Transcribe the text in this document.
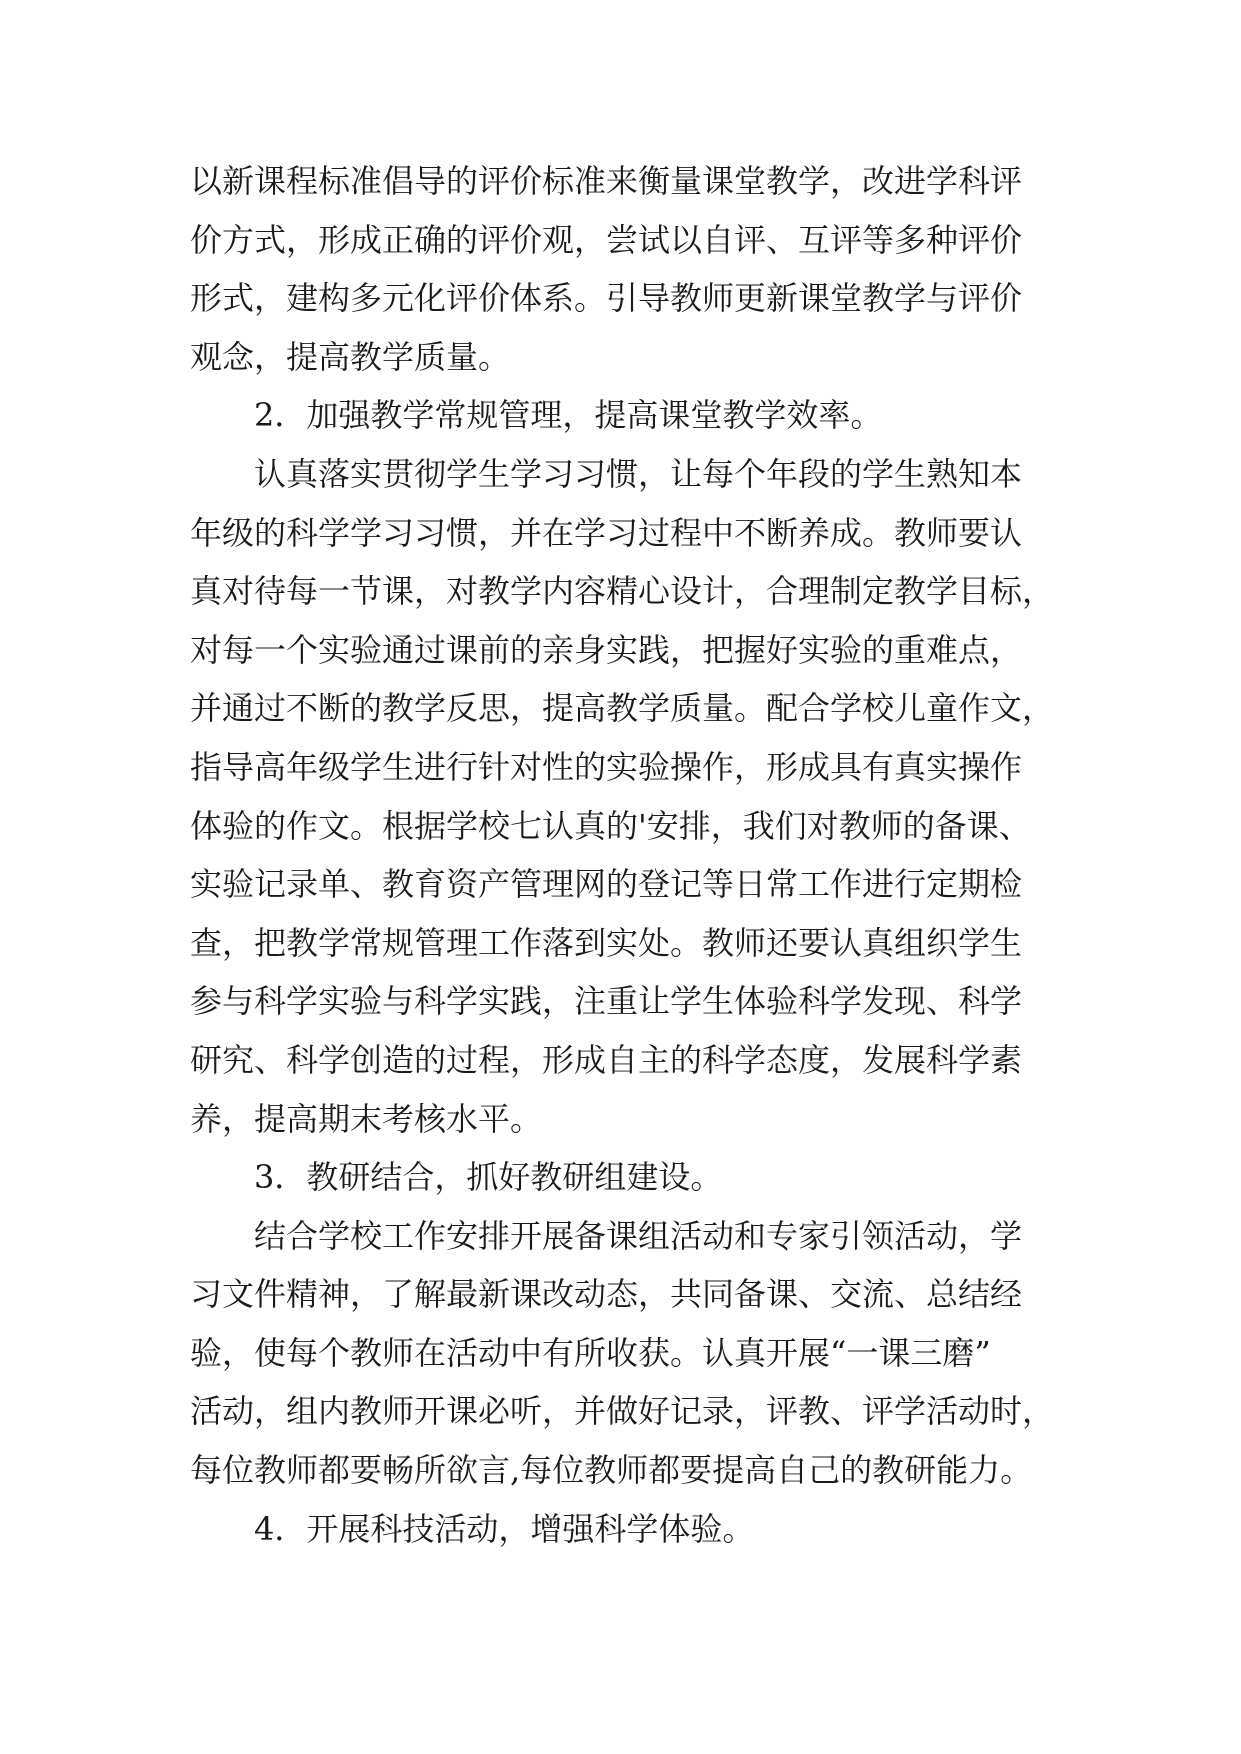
以新课程标准倡导的评价标准来衡量课堂教学，改进学科评
价方式，形成正确的评价观，尝试以自评、互评等多种评价
形式，建构多元化评价体系。引导教师更新课堂教学与评价
观念，提高教学质量。
2．加强教学常规管理，提高课堂教学效率。
认真落实贯彻学生学习习惯，让每个年段的学生熟知本
年级的科学学习习惯，并在学习过程中不断养成。教师要认
真对待每一节课，对教学内容精心设计，合理制定教学目标，
对每一个实验通过课前的亲身实践，把握好实验的重难点，
并通过不断的教学反思，提高教学质量。配合学校儿童作文，
指导高年级学生进行针对性的实验操作，形成具有真实操作
体验的作文。根据学校七认真的'安排，我们对教师的备课、
实验记录单、教育资产管理网的登记等日常工作进行定期检
查，把教学常规管理工作落到实处。教师还要认真组织学生
参与科学实验与科学实践，注重让学生体验科学发现、科学
研究、科学创造的过程，形成自主的科学态度，发展科学素
养，提高期末考核水平。
3．教研结合，抓好教研组建设。
结合学校工作安排开展备课组活动和专家引领活动，学
习文件精神，了解最新课改动态，共同备课、交流、总结经
验，使每个教师在活动中有所收获。认真开展“一课三磨”
活动，组内教师开课必听，并做好记录，评教、评学活动时，
每位教师都要畅所欲言,每位教师都要提高自己的教研能力。
4．开展科技活动，增强科学体验。
